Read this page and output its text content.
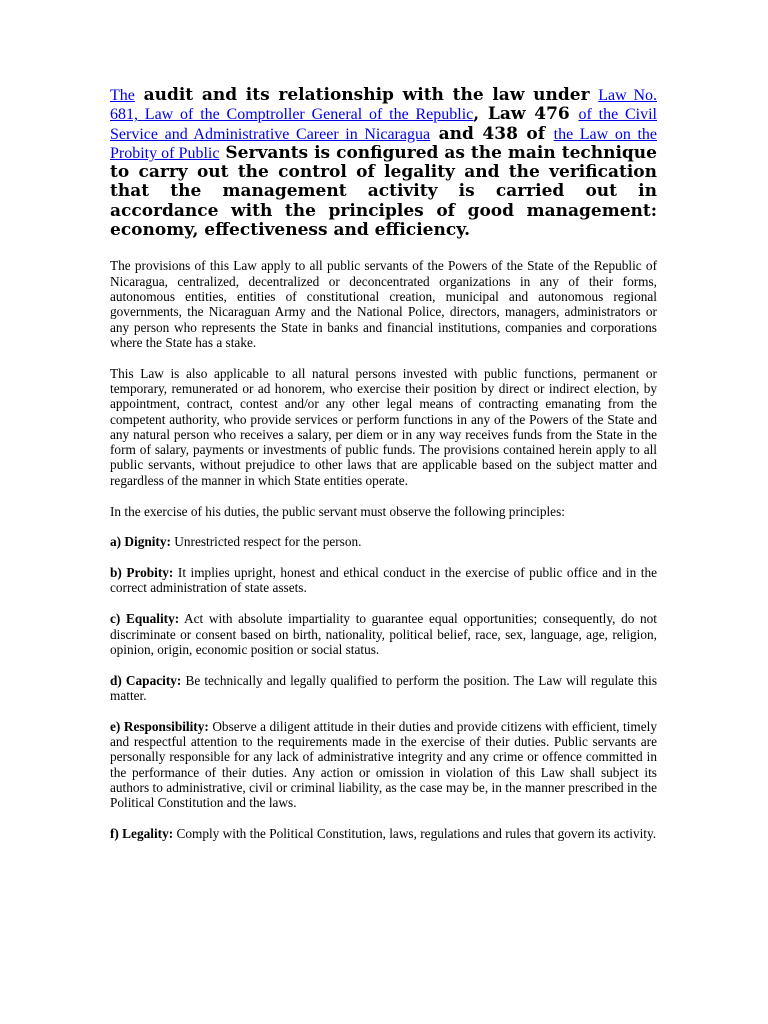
The audit and its relationship with the law under Law No. 681, Law of the Comptroller General of the Republic, Law 476 of the Civil Service and Administrative Career in Nicaragua and 438 of the Law on the Probity of Public Servants is configured as the main technique to carry out the control of legality and the verification that the management activity is carried out in accordance with the principles of good management: economy, effectiveness and efficiency.

The provisions of this Law apply to all public servants of the Powers of the State of the Republic of Nicaragua, centralized, decentralized or deconcentrated organizations in any of their forms, autonomous entities, entities of constitutional creation, municipal and autonomous regional governments, the Nicaraguan Army and the National Police, directors, managers, administrators or any person who represents the State in banks and financial institutions, companies and corporations where the State has a stake.

This Law is also applicable to all natural persons invested with public functions, permanent or temporary, remunerated or ad honorem, who exercise their position by direct or indirect election, by appointment, contract, contest and/or any other legal means of contracting emanating from the competent authority, who provide services or perform functions in any of the Powers of the State and any natural person who receives a salary, per diem or in any way receives funds from the State in the form of salary, payments or investments of public funds. The provisions contained herein apply to all public servants, without prejudice to other laws that are applicable based on the subject matter and regardless of the manner in which State entities operate.

In the exercise of his duties, the public servant must observe the following principles:

a) Dignity: Unrestricted respect for the person.

b) Probity: It implies upright, honest and ethical conduct in the exercise of public office and in the correct administration of state assets.

c) Equality: Act with absolute impartiality to guarantee equal opportunities; consequently, do not discriminate or consent based on birth, nationality, political belief, race, sex, language, age, religion, opinion, origin, economic position or social status.

d) Capacity: Be technically and legally qualified to perform the position. The Law will regulate this matter.

e) Responsibility: Observe a diligent attitude in their duties and provide citizens with efficient, timely and respectful attention to the requirements made in the exercise of their duties. Public servants are personally responsible for any lack of administrative integrity and any crime or offence committed in the performance of their duties. Any action or omission in violation of this Law shall subject its authors to administrative, civil or criminal liability, as the case may be, in the manner prescribed in the Political Constitution and the laws.

f) Legality: Comply with the Political Constitution, laws, regulations and rules that govern its activity.
